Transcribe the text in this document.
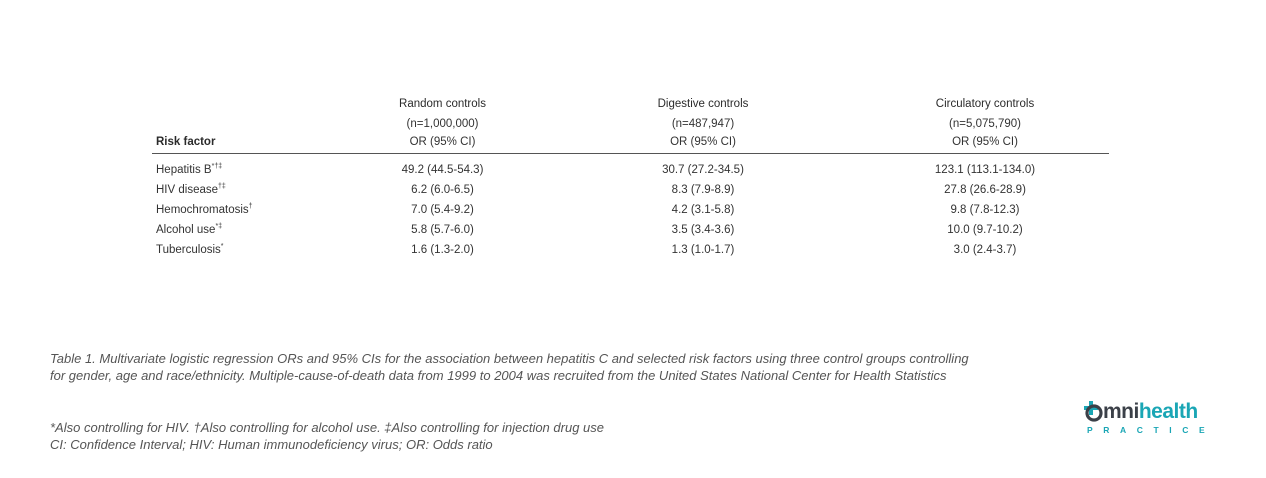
	Random controls	Digestive controls	Circulatory controls
	(n=1,000,000)	(n=487,947)	(n=5,075,790)
Risk factor	OR (95% CI)	OR (95% CI)	OR (95% CI)
Hepatitis B*†‡	49.2 (44.5-54.3)	30.7 (27.2-34.5)	123.1 (113.1-134.0)
HIV disease†‡	6.2 (6.0-6.5)	8.3 (7.9-8.9)	27.8 (26.6-28.9)
Hemochromatosis†	7.0 (5.4-9.2)	4.2 (3.1-5.8)	9.8 (7.8-12.3)
Alcohol use*‡	5.8 (5.7-6.0)	3.5 (3.4-3.6)	10.0 (9.7-10.2)
Tuberculosis*	1.6 (1.3-2.0)	1.3 (1.0-1.7)	3.0 (2.4-3.7)

Table 1. Multivariate logistic regression ORs and 95% CIs for the association between hepatitis C and selected risk factors using three control groups controlling for gender, age and race/ethnicity. Multiple-cause-of-death data from 1999 to 2004 was recruited from the United States National Center for Health Statistics

*Also controlling for HIV. †Also controlling for alcohol use. ‡Also controlling for injection drug use
CI: Confidence Interval; HIV: Human immunodeficiency virus; OR: Odds ratio
mni health
PRACTICE
